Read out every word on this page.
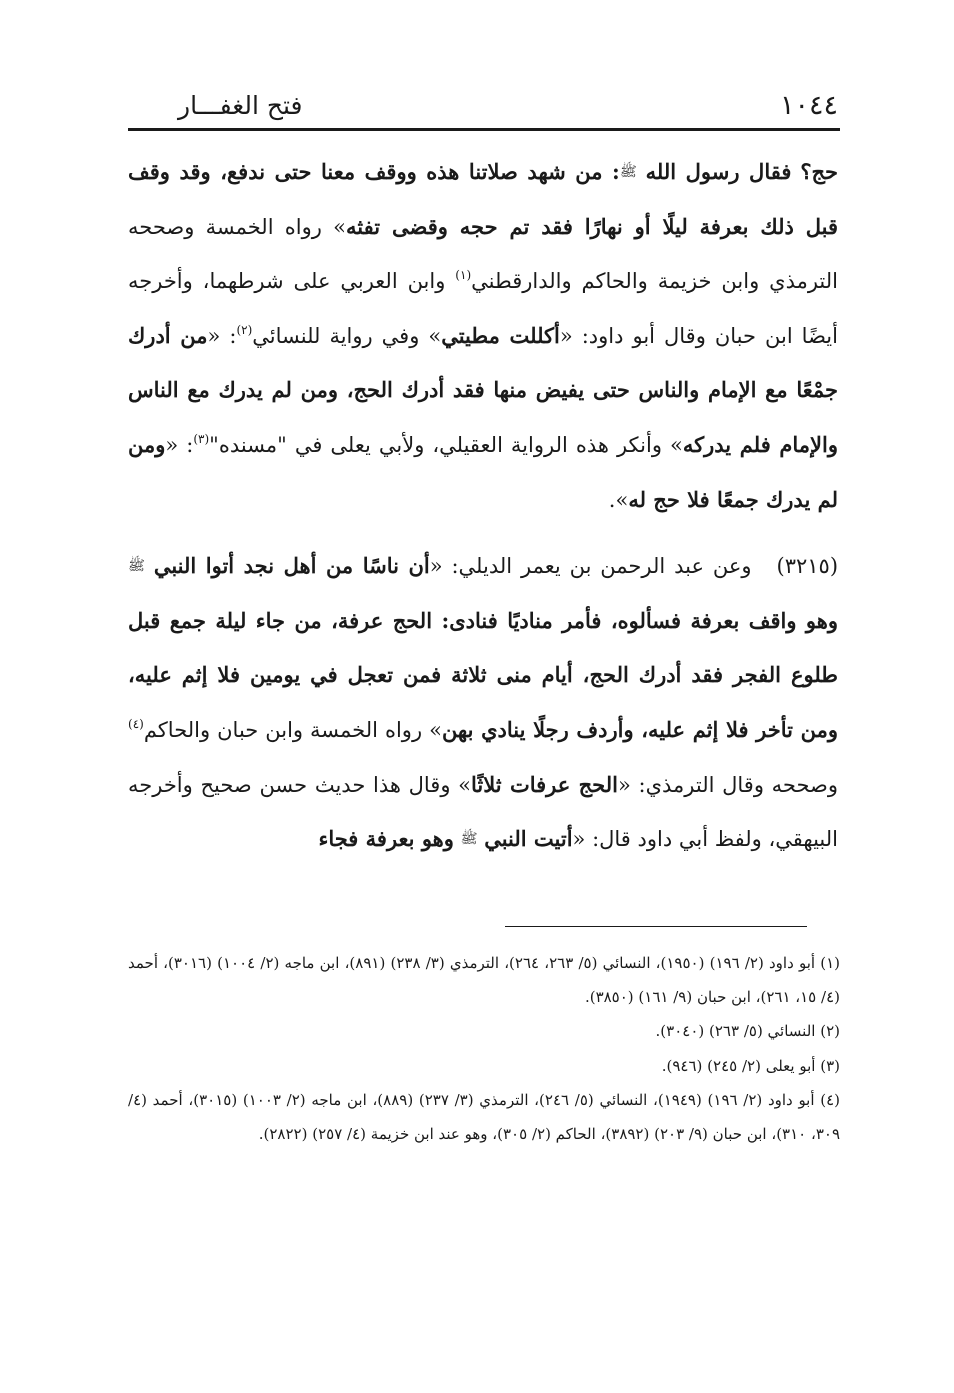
١٠٤٤
فتح الغفـــار

حج؟ فقال رسول الله ﷺ: من شهد صلاتنا هذه ووقف معنا حتى ندفع، وقد وقف قبل ذلك بعرفة ليلًا أو نهارًا فقد تم حجه وقضى تفثه» رواه الخمسة وصححه الترمذي وابن خزيمة والحاكم والدارقطني$^{(١)}$ وابن العربي على شرطهما، وأخرجه أيضًا ابن حبان وقال أبو داود: «أكللت مطيتي» وفي رواية للنسائي$^{(٢)}$: «من أدرك جمْعًا مع الإمام والناس حتى يفيض منها فقد أدرك الحج، ومن لم يدرك مع الناس والإمام فلم يدركه» وأنكر هذه الرواية العقيلي، ولأبي يعلى في "مسنده"$^{(٣)}$: «ومن لم يدرك جمعًا فلا حج له».

(٣٢١٥) وعن عبد الرحمن بن يعمر الديلي: «أن ناسًا من أهل نجد أتوا النبي ﷺ وهو واقف بعرفة فسألوه، فأمر مناديًا فنادى: الحج عرفة، من جاء ليلة جمع قبل طلوع الفجر فقد أدرك الحج، أيام منى ثلاثة فمن تعجل في يومين فلا إثم عليه، ومن تأخر فلا إثم عليه، وأردف رجلًا ينادي بهن» رواه الخمسة وابن حبان والحاكم$^{(٤)}$ وصححه وقال الترمذي: «الحج عرفات ثلاثًا» وقال هذا حديث حسن صحيح وأخرجه البيهقي، ولفظ أبي داود قال: «أتيت النبي ﷺ وهو بعرفة فجاء

(١) أبو داود (٢/ ١٩٦) (١٩٥٠)، النسائي (٥/ ٢٦٣، ٢٦٤)، الترمذي (٣/ ٢٣٨) (٨٩١)، ابن ماجه (٢/ ١٠٠٤) (٣٠١٦)، أحمد (٤/ ١٥، ٢٦١)، ابن حبان (٩/ ١٦١) (٣٨٥٠).

(٢) النسائي (٥/ ٢٦٣) (٣٠٤٠).

(٣) أبو يعلى (٢/ ٢٤٥) (٩٤٦).

(٤) أبو داود (٢/ ١٩٦) (١٩٤٩)، النسائي (٥/ ٢٤٦)، الترمذي (٣/ ٢٣٧) (٨٨٩)، ابن ماجه (٢/ ١٠٠٣) (٣٠١٥)، أحمد (٤/ ٣٠٩، ٣١٠)، ابن حبان (٩/ ٢٠٣) (٣٨٩٢)، الحاكم (٢/ ٣٠٥)، وهو عند ابن خزيمة (٤/ ٢٥٧) (٢٨٢٢).
